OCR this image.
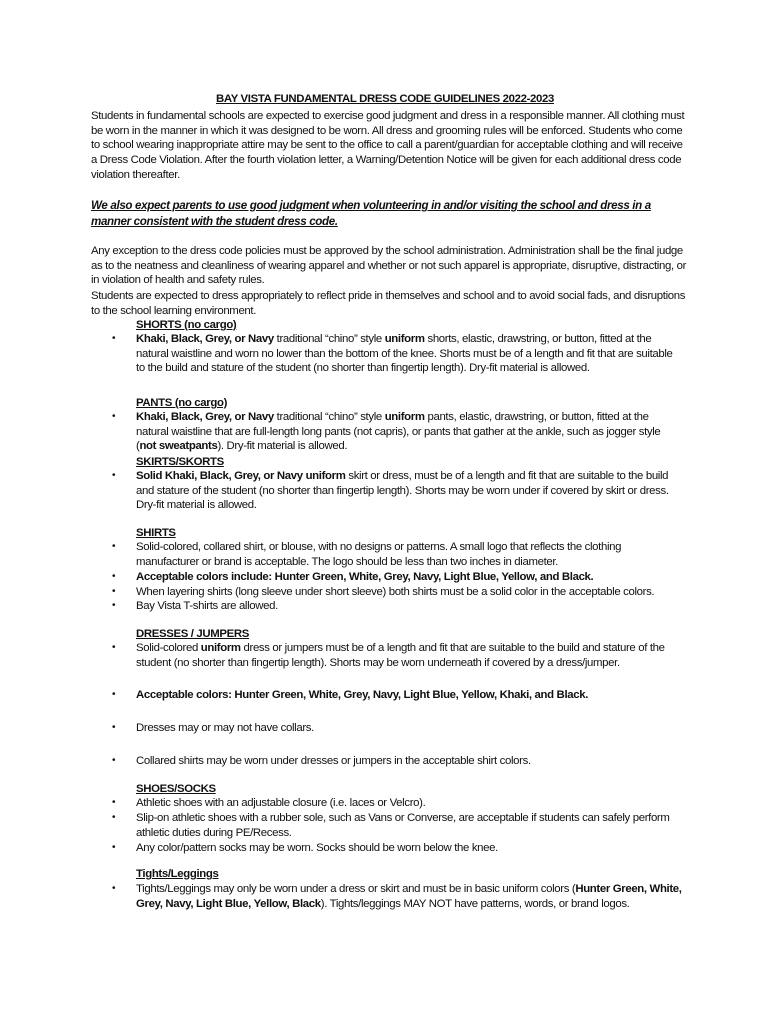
BAY VISTA FUNDAMENTAL DRESS CODE GUIDELINES 2022-2023
Students in fundamental schools are expected to exercise good judgment and dress in a responsible manner. All clothing must be worn in the manner in which it was designed to be worn. All dress and grooming rules will be enforced. Students who come to school wearing inappropriate attire may be sent to the office to call a parent/guardian for acceptable clothing and will receive a Dress Code Violation. After the fourth violation letter, a Warning/Detention Notice will be given for each additional dress code violation thereafter.
We also expect parents to use good judgment when volunteering in and/or visiting the school and dress in a manner consistent with the student dress code.
Any exception to the dress code policies must be approved by the school administration. Administration shall be the final judge as to the neatness and cleanliness of wearing apparel and whether or not such apparel is appropriate, disruptive, distracting, or in violation of health and safety rules.
Students are expected to dress appropriately to reflect pride in themselves and school and to avoid social fads, and disruptions to the school learning environment.
SHORTS (no cargo)
• Khaki, Black, Grey, or Navy traditional “chino” style uniform shorts, elastic, drawstring, or button, fitted at the natural waistline and worn no lower than the bottom of the knee. Shorts must be of a length and fit that are suitable to the build and stature of the student (no shorter than fingertip length). Dry-fit material is allowed.
PANTS (no cargo)
• Khaki, Black, Grey, or Navy traditional “chino” style uniform pants, elastic, drawstring, or button, fitted at the natural waistline that are full-length long pants (not capris), or pants that gather at the ankle, such as jogger style (not sweatpants). Dry-fit material is allowed.
SKIRTS/SKORTS
• Solid Khaki, Black, Grey, or Navy uniform skirt or dress, must be of a length and fit that are suitable to the build and stature of the student (no shorter than fingertip length). Shorts may be worn under if covered by skirt or dress. Dry-fit material is allowed.
SHIRTS
• Solid-colored, collared shirt, or blouse, with no designs or patterns. A small logo that reflects the clothing manufacturer or brand is acceptable. The logo should be less than two inches in diameter.
• Acceptable colors include: Hunter Green, White, Grey, Navy, Light Blue, Yellow, and Black.
• When layering shirts (long sleeve under short sleeve) both shirts must be a solid color in the acceptable colors.
• Bay Vista T-shirts are allowed.
DRESSES / JUMPERS
• Solid-colored uniform dress or jumpers must be of a length and fit that are suitable to the build and stature of the student (no shorter than fingertip length). Shorts may be worn underneath if covered by a dress/jumper.
• Acceptable colors: Hunter Green, White, Grey, Navy, Light Blue, Yellow, Khaki, and Black.
• Dresses may or may not have collars.
• Collared shirts may be worn under dresses or jumpers in the acceptable shirt colors.
SHOES/SOCKS
• Athletic shoes with an adjustable closure (i.e. laces or Velcro).
• Slip-on athletic shoes with a rubber sole, such as Vans or Converse, are acceptable if students can safely perform athletic duties during PE/Recess.
• Any color/pattern socks may be worn. Socks should be worn below the knee.
Tights/Leggings
• Tights/Leggings may only be worn under a dress or skirt and must be in basic uniform colors (Hunter Green, White, Grey, Navy, Light Blue, Yellow, Black). Tights/leggings MAY NOT have patterns, words, or brand logos.
